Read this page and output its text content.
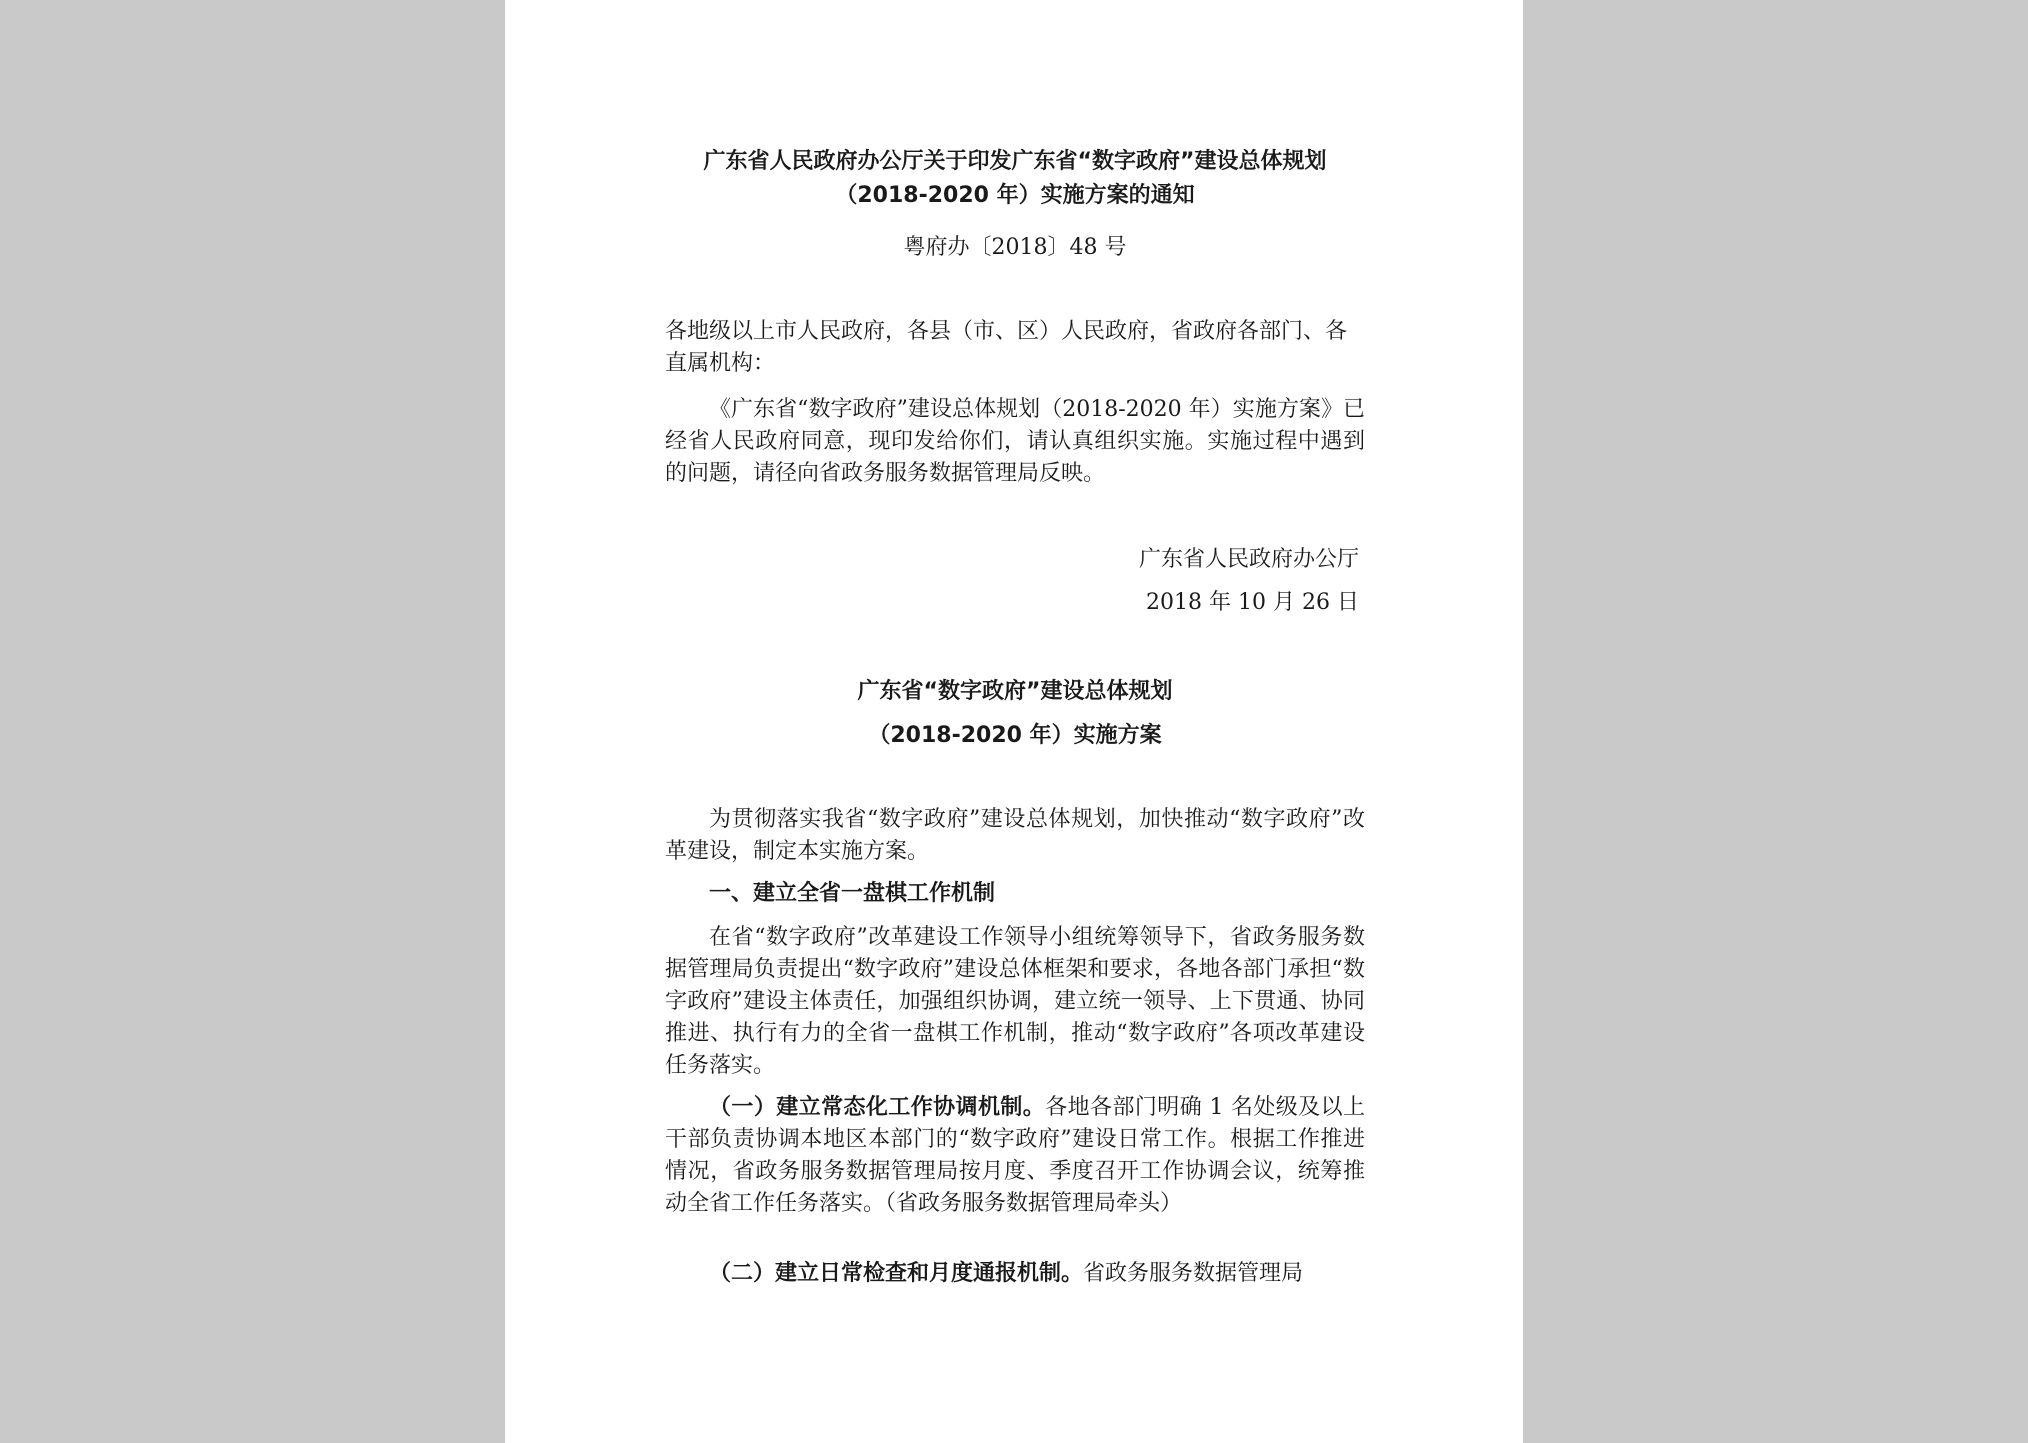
广东省人民政府办公厅关于印发广东省“数字政府”建设总体规划
（2018-2020 年）实施方案的通知
粤府办〔2018〕48 号
各地级以上市人民政府，各县（市、区）人民政府，省政府各部门、各直属机构：
《广东省“数字政府”建设总体规划（2018-2020 年）实施方案》已经省人民政府同意，现印发给你们，请认真组织实施。实施过程中遇到的问题，请径向省政务服务数据管理局反映。
广东省人民政府办公厅
2018 年 10 月 26 日
广东省“数字政府”建设总体规划
（2018-2020 年）实施方案
为贯彻落实我省“数字政府”建设总体规划，加快推动“数字政府”改革建设，制定本实施方案。
一、建立全省一盘棋工作机制
在省“数字政府”改革建设工作领导小组统筹领导下，省政务服务数据管理局负责提出“数字政府”建设总体框架和要求，各地各部门承担“数字政府”建设主体责任，加强组织协调，建立统一领导、上下贯通、协同推进、执行有力的全省一盘棋工作机制，推动“数字政府”各项改革建设任务落实。
（一）建立常态化工作协调机制。各地各部门明确 1 名处级及以上干部负责协调本地区本部门的“数字政府”建设日常工作。根据工作推进情况，省政务服务数据管理局按月度、季度召开工作协调会议，统筹推动全省工作任务落实。（省政务服务数据管理局牵头）
（二）建立日常检查和月度通报机制。省政务服务数据管理局
